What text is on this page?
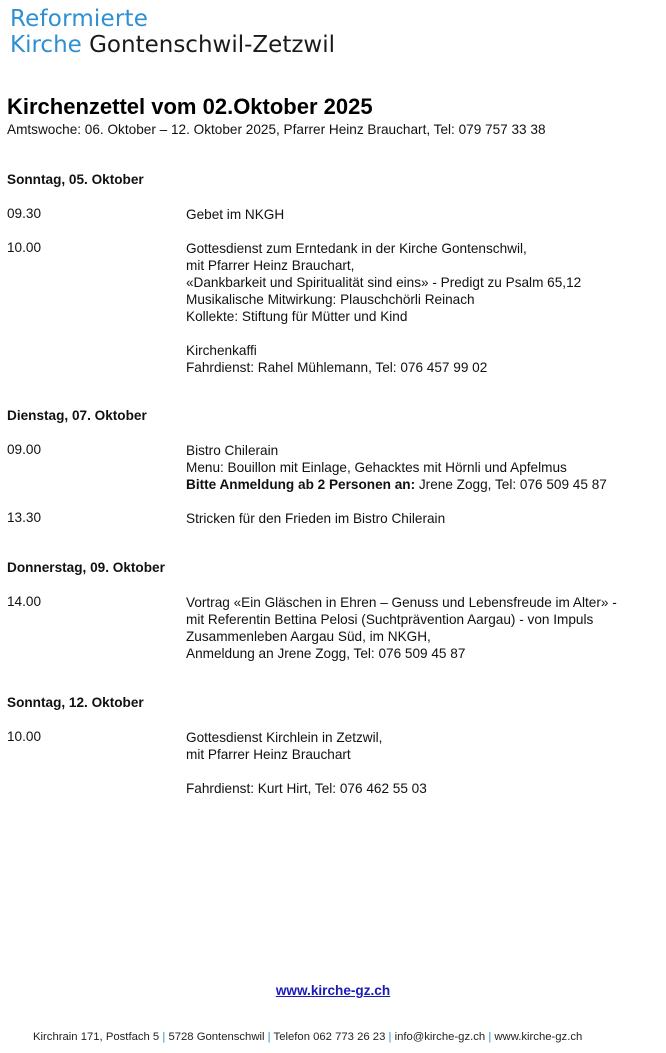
Reformierte
Kirche Gontenschwil-Zetzwil
Kirchenzettel vom 02.Oktober 2025
Amtswoche: 06. Oktober – 12. Oktober 2025, Pfarrer Heinz Brauchart, Tel: 079 757 33 38
Sonntag, 05. Oktober
09.30	Gebet im NKGH
10.00	Gottesdienst zum Erntedank in der Kirche Gontenschwil,
mit Pfarrer Heinz Brauchart,
«Dankbarkeit und Spiritualität sind eins» - Predigt zu Psalm 65,12
Musikalische Mitwirkung: Plauschchörli Reinach
Kollekte: Stiftung für Mütter und Kind
Kirchenkaffi
Fahrdienst: Rahel Mühlemann, Tel: 076 457 99 02
Dienstag, 07. Oktober
09.00	Bistro Chilerain
Menu: Bouillon mit Einlage, Gehacktes mit Hörnli und Apfelmus
Bitte Anmeldung ab 2 Personen an: Jrene Zogg, Tel: 076 509 45 87
13.30	Stricken für den Frieden im Bistro Chilerain
Donnerstag, 09. Oktober
14.00	Vortrag «Ein Gläschen in Ehren – Genuss und Lebensfreude im Alter» -
mit Referentin Bettina Pelosi (Suchtprävention Aargau) - von Impuls
Zusammenleben Aargau Süd, im NKGH,
Anmeldung an Jrene Zogg, Tel: 076 509 45 87
Sonntag, 12. Oktober
10.00	Gottesdienst Kirchlein in Zetzwil,
mit Pfarrer Heinz Brauchart
Fahrdienst: Kurt Hirt, Tel: 076 462 55 03
www.kirche-gz.ch
Kirchrain 171, Postfach 5 | 5728 Gontenschwil | Telefon 062 773 26 23 | info@kirche-gz.ch | www.kirche-gz.ch
